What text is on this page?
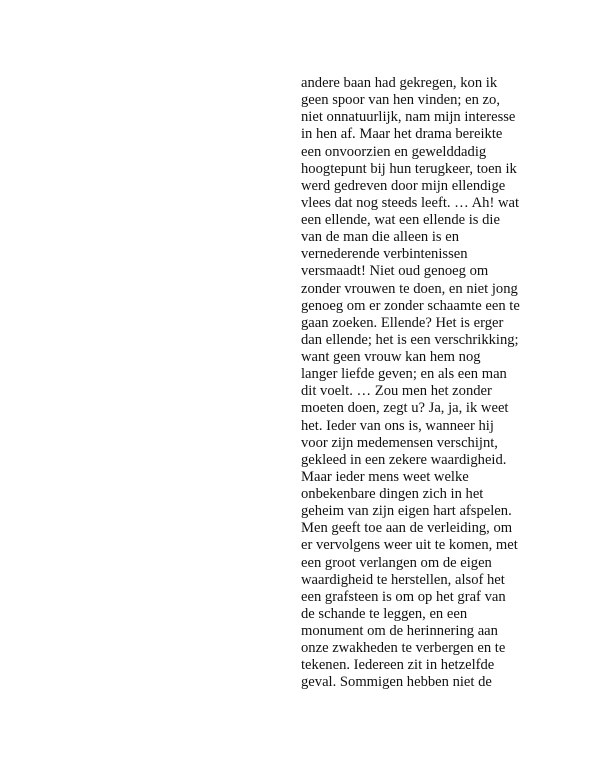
andere baan had gekregen, kon ik
geen spoor van hen vinden; en zo,
niet onnatuurlijk, nam mijn interesse
in hen af. Maar het drama bereikte
een onvoorzien en gewelddadig
hoogtepunt bij hun terugkeer, toen ik
werd gedreven door mijn ellendige
vlees dat nog steeds leeft. … Ah! wat
een ellende, wat een ellende is die
van de man die alleen is en
vernederende verbintenissen
versmaadt! Niet oud genoeg om
zonder vrouwen te doen, en niet jong
genoeg om er zonder schaamte een te
gaan zoeken. Ellende? Het is erger
dan ellende; het is een verschrikking;
want geen vrouw kan hem nog
langer liefde geven; en als een man
dit voelt. … Zou men het zonder
moeten doen, zegt u? Ja, ja, ik weet
het. Ieder van ons is, wanneer hij
voor zijn medemensen verschijnt,
gekleed in een zekere waardigheid.
Maar ieder mens weet welke
onbekenbare dingen zich in het
geheim van zijn eigen hart afspelen.
Men geeft toe aan de verleiding, om
er vervolgens weer uit te komen, met
een groot verlangen om de eigen
waardigheid te herstellen, alsof het
een grafsteen is om op het graf van
de schande te leggen, en een
monument om de herinnering aan
onze zwakheden te verbergen en te
tekenen. Iedereen zit in hetzelfde
geval. Sommigen hebben niet de
